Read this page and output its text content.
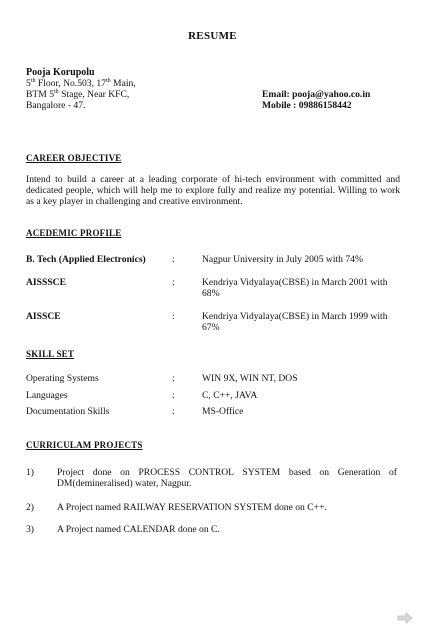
RESUME
Pooja Korupolu
5th Floor, No.503, 17th Main,
BTM 5th Stage, Near KFC,
Bangalore - 47.
Email: pooja@yahoo.co.in
Mobile : 09886158442
CAREER OBJECTIVE
Intend to build a career at a leading corporate of hi-tech environment with committed and dedicated people, which will help me to explore fully and realize my potential. Willing to work as a key player in challenging and creative environment.
ACEDEMIC PROFILE
B. Tech (Applied Electronics)	:	Nagpur University in July 2005 with 74%
AISSSCE	:	Kendriya Vidyalaya(CBSE) in March 2001 with 68%
AISSCE	:	Kendriya Vidyalaya(CBSE) in March 1999 with 67%
SKILL SET
Operating Systems	:	WIN 9X, WIN NT, DOS
Languages	:	C, C++, JAVA
Documentation Skills	:	MS-Office
CURRICULAM PROJECTS
1) Project done on PROCESS CONTROL SYSTEM based on Generation of DM(demineralised) water, Nagpur.
2) A Project named RAILWAY RESERVATION SYSTEM done on C++.
3) A Project named CALENDAR done on C.
